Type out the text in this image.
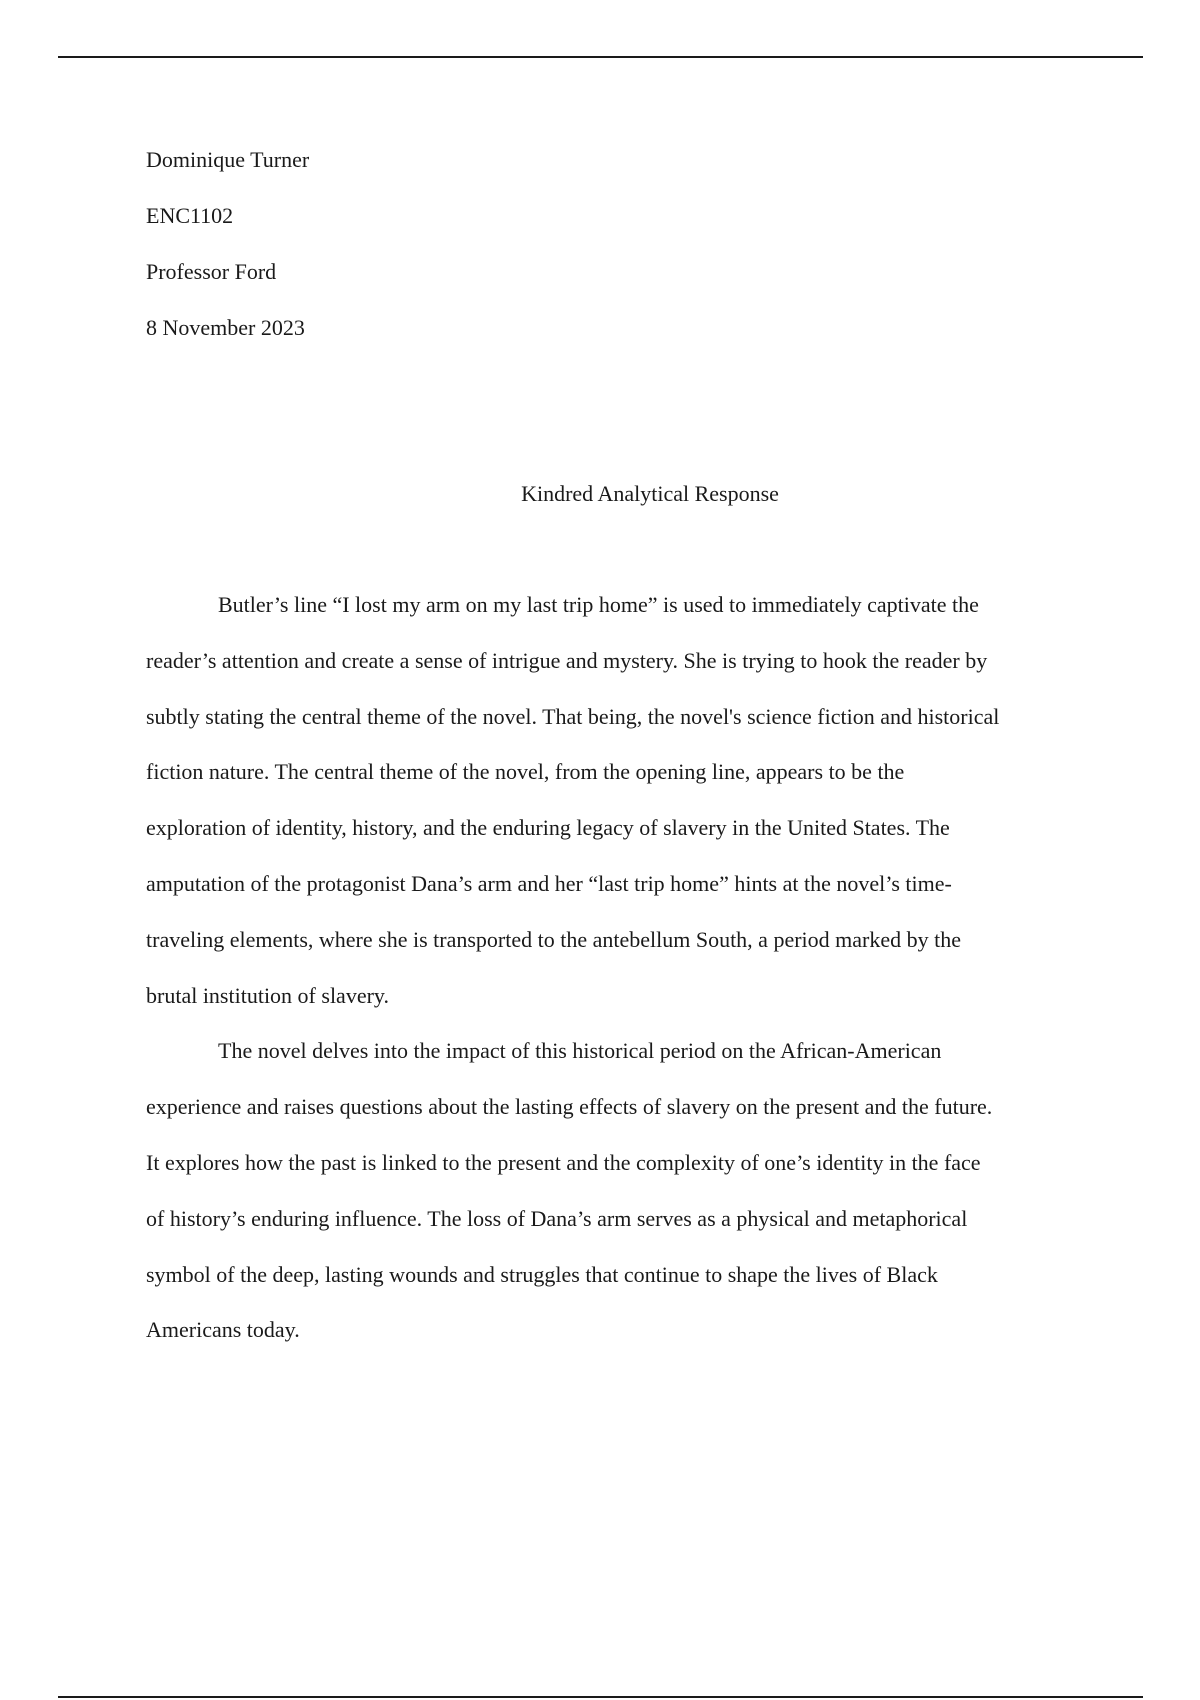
Dominique Turner
ENC1102
Professor Ford
8 November 2023
Kindred Analytical Response
Butler’s line “I lost my arm on my last trip home” is used to immediately captivate the
reader’s attention and create a sense of intrigue and mystery. She is trying to hook the reader by
subtly stating the central theme of the novel. That being, the novel's science fiction and historical
fiction nature. The central theme of the novel, from the opening line, appears to be the
exploration of identity, history, and the enduring legacy of slavery in the United States. The
amputation of the protagonist Dana’s arm and her “last trip home” hints at the novel’s time-
traveling elements, where she is transported to the antebellum South, a period marked by the
brutal institution of slavery.
The novel delves into the impact of this historical period on the African-American
experience and raises questions about the lasting effects of slavery on the present and the future.
It explores how the past is linked to the present and the complexity of one’s identity in the face
of history’s enduring influence. The loss of Dana’s arm serves as a physical and metaphorical
symbol of the deep, lasting wounds and struggles that continue to shape the lives of Black
Americans today.
